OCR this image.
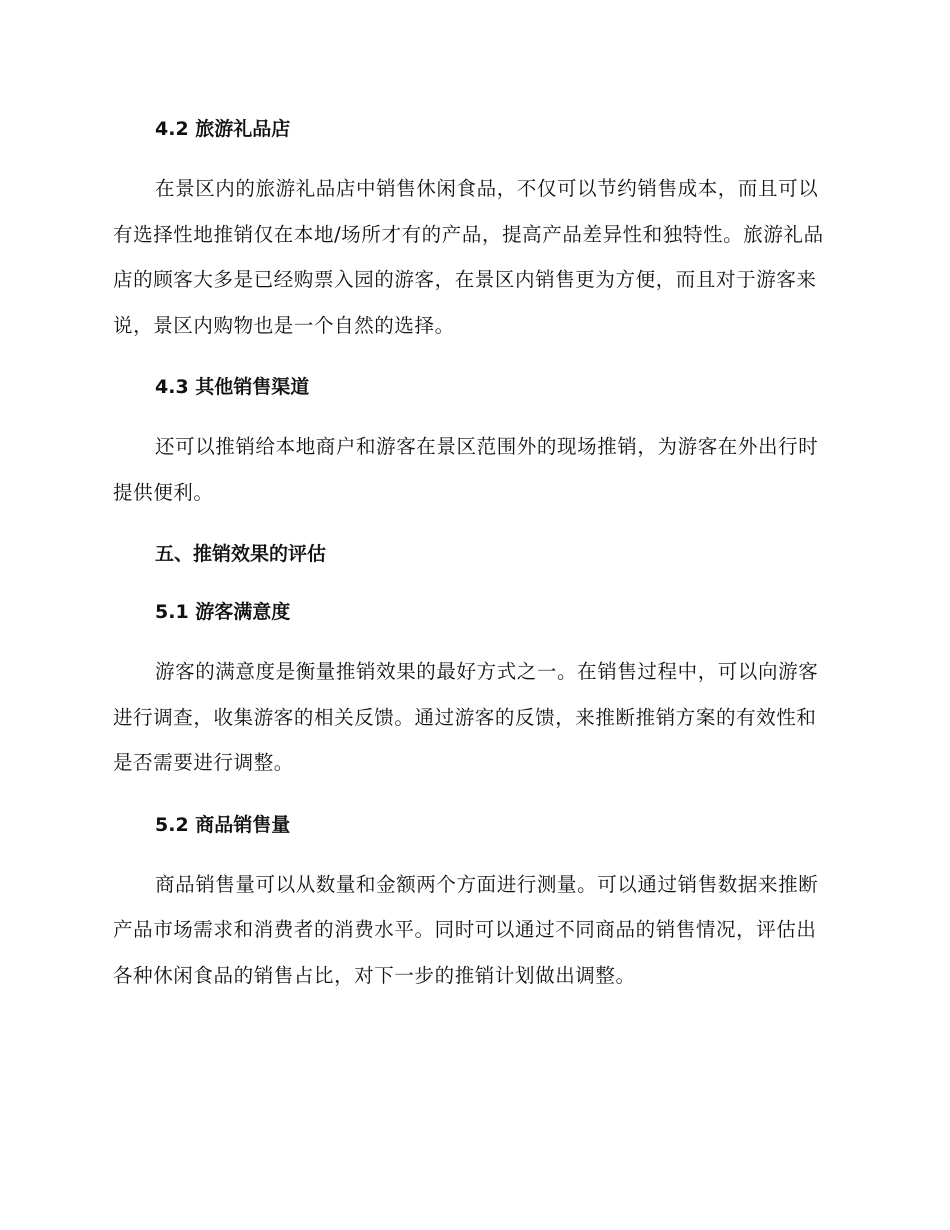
4.2 旅游礼品店

在景区内的旅游礼品店中销售休闲食品，不仅可以节约销售成本，而且可以有选择性地推销仅在本地/场所才有的产品，提高产品差异性和独特性。旅游礼品店的顾客大多是已经购票入园的游客，在景区内销售更为方便，而且对于游客来说，景区内购物也是一个自然的选择。

4.3 其他销售渠道

还可以推销给本地商户和游客在景区范围外的现场推销，为游客在外出行时提供便利。

五、推销效果的评估
5.1 游客满意度

游客的满意度是衡量推销效果的最好方式之一。在销售过程中，可以向游客进行调查，收集游客的相关反馈。通过游客的反馈，来推断推销方案的有效性和是否需要进行调整。

5.2 商品销售量

商品销售量可以从数量和金额两个方面进行测量。可以通过销售数据来推断产品市场需求和消费者的消费水平。同时可以通过不同商品的销售情况，评估出各种休闲食品的销售占比，对下一步的推销计划做出调整。
